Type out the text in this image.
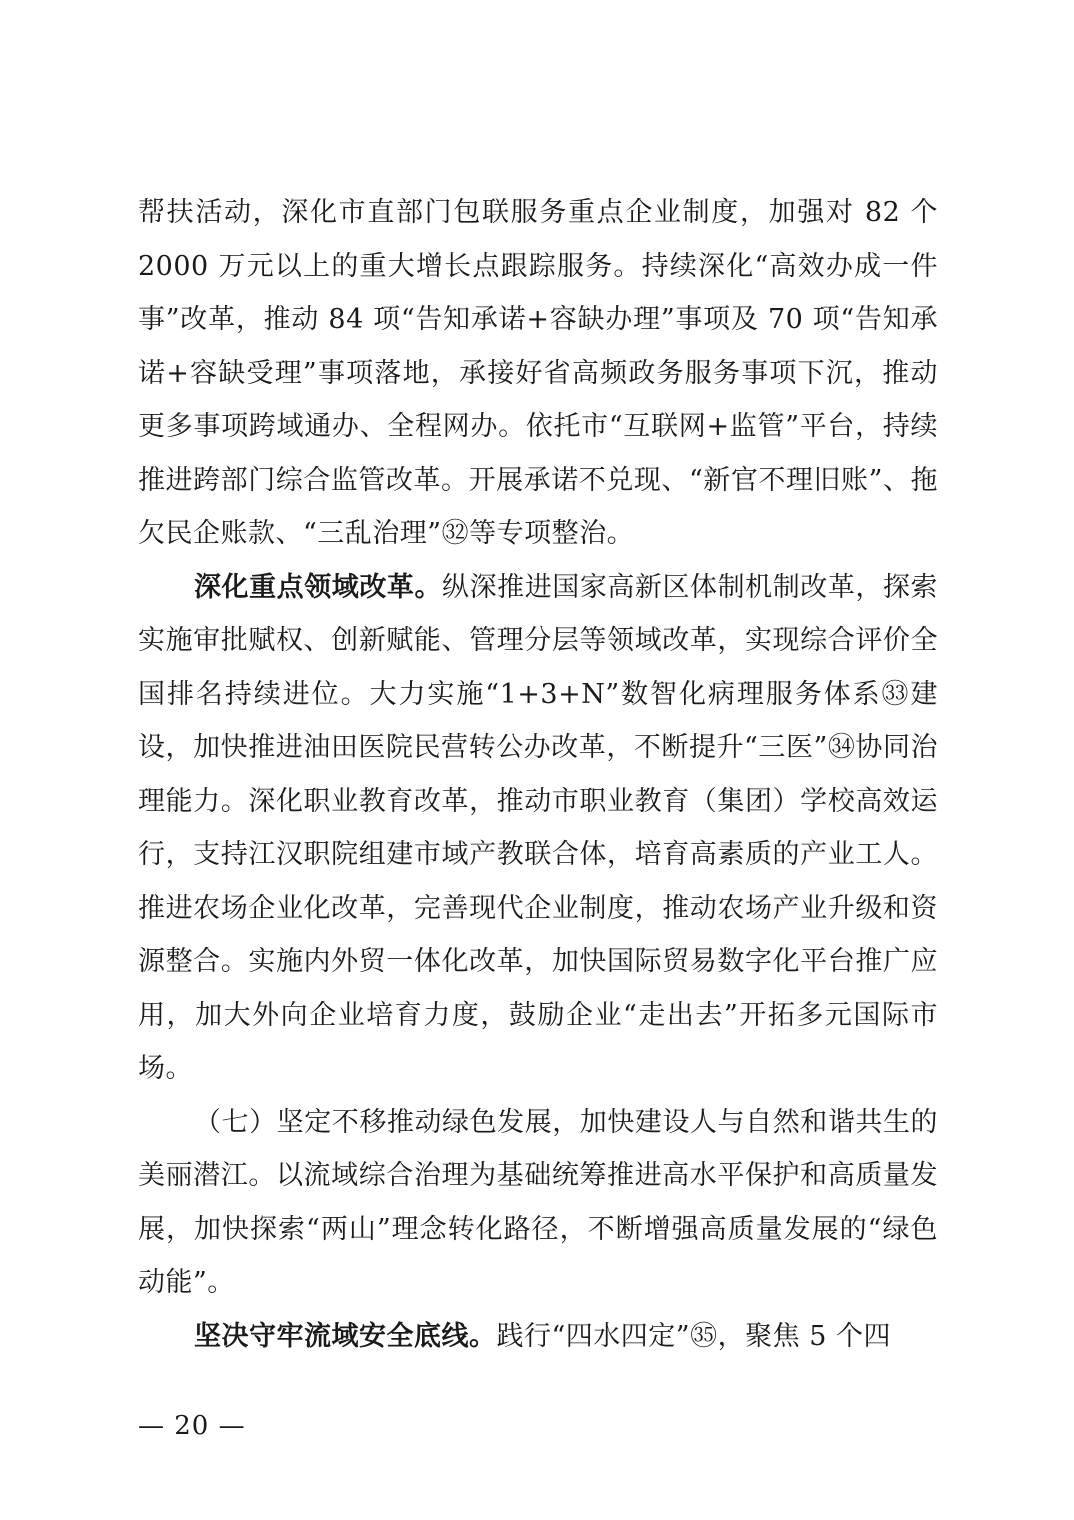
帮扶活动，深化市直部门包联服务重点企业制度，加强对 82 个 2000 万元以上的重大增长点跟踪服务。持续深化“高效办成一件事”改革，推动 84 项“告知承诺+容缺办理”事项及 70 项“告知承诺+容缺受理”事项落地，承接好省高频政务服务事项下沉，推动更多事项跨域通办、全程网办。依托市“互联网+监管”平台，持续推进跨部门综合监管改革。开展承诺不兑现、“新官不理旧账”、拖欠民企账款、“三乱治理”㉜等专项整治。

深化重点领域改革。纵深推进国家高新区体制机制改革，探索实施审批赋权、创新赋能、管理分层等领域改革，实现综合评价全国排名持续进位。大力实施“1+3+N”数智化病理服务体系㉝建设，加快推进油田医院民营转公办改革，不断提升“三医”㉞协同治理能力。深化职业教育改革，推动市职业教育（集团）学校高效运行，支持江汉职院组建市域产教联合体，培育高素质的产业工人。推进农场企业化改革，完善现代企业制度，推动农场产业升级和资源整合。实施内外贸一体化改革，加快国际贸易数字化平台推广应用，加大外向企业培育力度，鼓励企业“走出去”开拓多元国际市场。

（七）坚定不移推动绿色发展，加快建设人与自然和谐共生的美丽潜江。以流域综合治理为基础统筹推进高水平保护和高质量发展，加快探索“两山”理念转化路径，不断增强高质量发展的“绿色动能”。

坚决守牢流域安全底线。践行“四水四定”㉟，聚焦 5 个四

— 20 —
